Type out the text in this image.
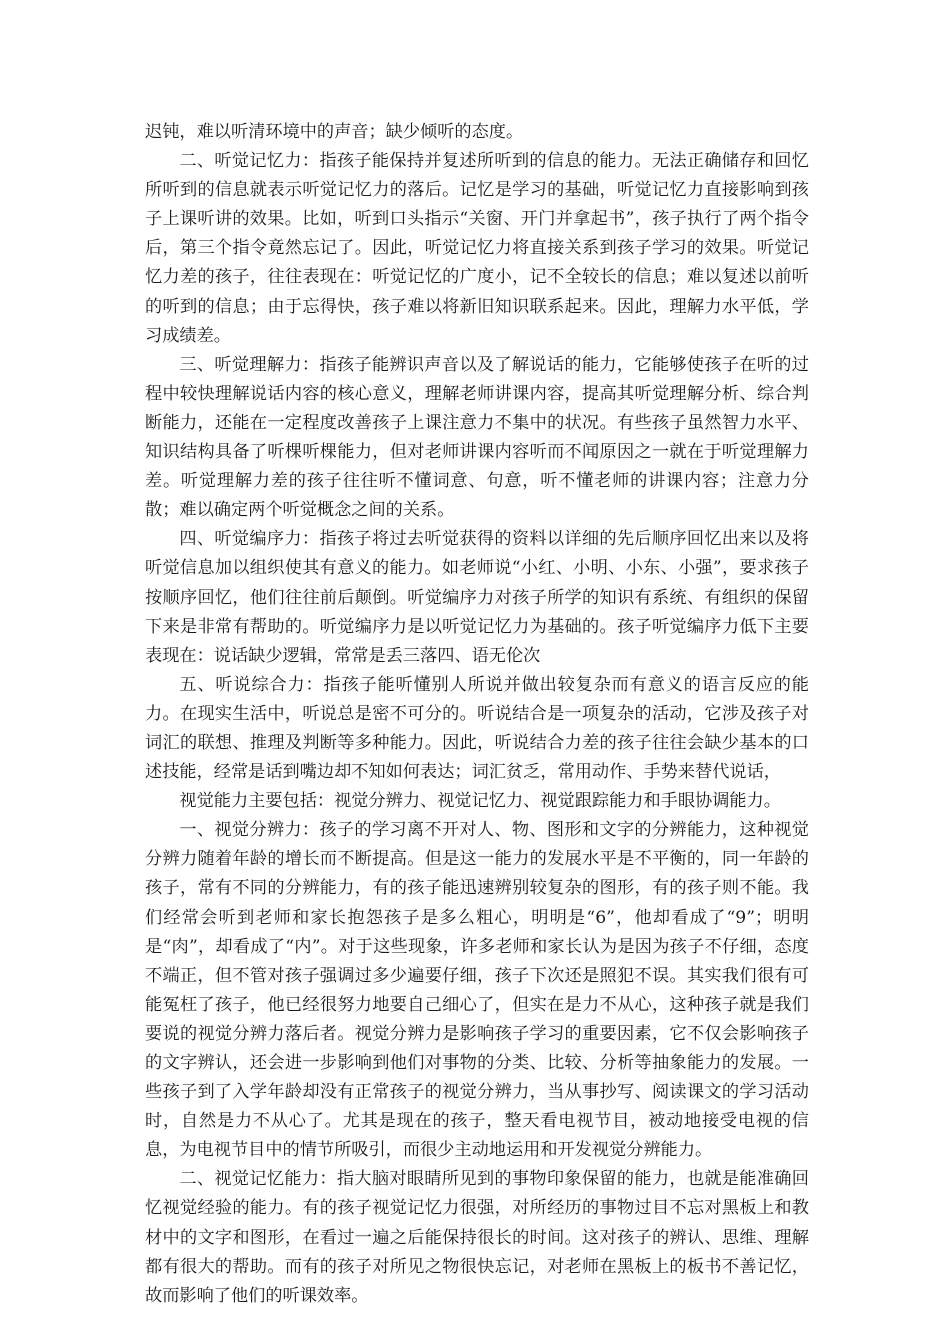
迟钝，难以听清环境中的声音；缺少倾听的态度。

二、听觉记忆力：指孩子能保持并复述所听到的信息的能力。无法正确储存和回忆所听到的信息就表示听觉记忆力的落后。记忆是学习的基础，听觉记忆力直接影响到孩子上课听讲的效果。比如，听到口头指示“关窗、开门并拿起书”，孩子执行了两个指令后，第三个指令竟然忘记了。因此，听觉记忆力将直接关系到孩子学习的效果。听觉记忆力差的孩子，往往表现在：听觉记忆的广度小，记不全较长的信息；难以复述以前听的听到的信息；由于忘得快，孩子难以将新旧知识联系起来。因此，理解力水平低，学习成绩差。

三、听觉理解力：指孩子能辨识声音以及了解说话的能力，它能够使孩子在听的过程中较快理解说话内容的核心意义，理解老师讲课内容，提高其听觉理解分析、综合判断能力，还能在一定程度改善孩子上课注意力不集中的状况。有些孩子虽然智力水平、知识结构具备了听棵听棵能力，但对老师讲课内容听而不闻原因之一就在于听觉理解力差。听觉理解力差的孩子往往听不懂词意、句意，听不懂老师的讲课内容；注意力分散；难以确定两个听觉概念之间的关系。

四、听觉编序力：指孩子将过去听觉获得的资料以详细的先后顺序回忆出来以及将听觉信息加以组织使其有意义的能力。如老师说“小红、小明、小东、小强”，要求孩子按顺序回忆，他们往往前后颠倒。听觉编序力对孩子所学的知识有系统、有组织的保留下来是非常有帮助的。听觉编序力是以听觉记忆力为基础的。孩子听觉编序力低下主要表现在：说话缺少逻辑，常常是丢三落四、语无伦次

五、听说综合力：指孩子能听懂别人所说并做出较复杂而有意义的语言反应的能力。在现实生活中，听说总是密不可分的。听说结合是一项复杂的活动，它涉及孩子对词汇的联想、推理及判断等多种能力。因此，听说结合力差的孩子往往会缺少基本的口述技能，经常是话到嘴边却不知如何表达；词汇贫乏，常用动作、手势来替代说话，

视觉能力主要包括：视觉分辨力、视觉记忆力、视觉跟踪能力和手眼协调能力。

一、视觉分辨力：孩子的学习离不开对人、物、图形和文字的分辨能力，这种视觉分辨力随着年龄的增长而不断提高。但是这一能力的发展水平是不平衡的，同一年龄的孩子，常有不同的分辨能力，有的孩子能迅速辨别较复杂的图形，有的孩子则不能。我们经常会听到老师和家长抱怨孩子是多么粗心，明明是“6”，他却看成了“9”；明明是“肉”，却看成了“内”。对于这些现象，许多老师和家长认为是因为孩子不仔细，态度不端正，但不管对孩子强调过多少遍要仔细，孩子下次还是照犯不误。其实我们很有可能冤枉了孩子，他已经很努力地要自己细心了，但实在是力不从心，这种孩子就是我们要说的视觉分辨力落后者。视觉分辨力是影响孩子学习的重要因素，它不仅会影响孩子的文字辨认，还会进一步影响到他们对事物的分类、比较、分析等抽象能力的发展。一些孩子到了入学年龄却没有正常孩子的视觉分辨力，当从事抄写、阅读课文的学习活动时，自然是力不从心了。尤其是现在的孩子，整天看电视节目，被动地接受电视的信息，为电视节目中的情节所吸引，而很少主动地运用和开发视觉分辨能力。

二、视觉记忆能力：指大脑对眼睛所见到的事物印象保留的能力，也就是能准确回忆视觉经验的能力。有的孩子视觉记忆力很强，对所经历的事物过目不忘对黑板上和教材中的文字和图形，在看过一遍之后能保持很长的时间。这对孩子的辨认、思维、理解都有很大的帮助。而有的孩子对所见之物很快忘记，对老师在黑板上的板书不善记忆，故而影响了他们的听课效率。
